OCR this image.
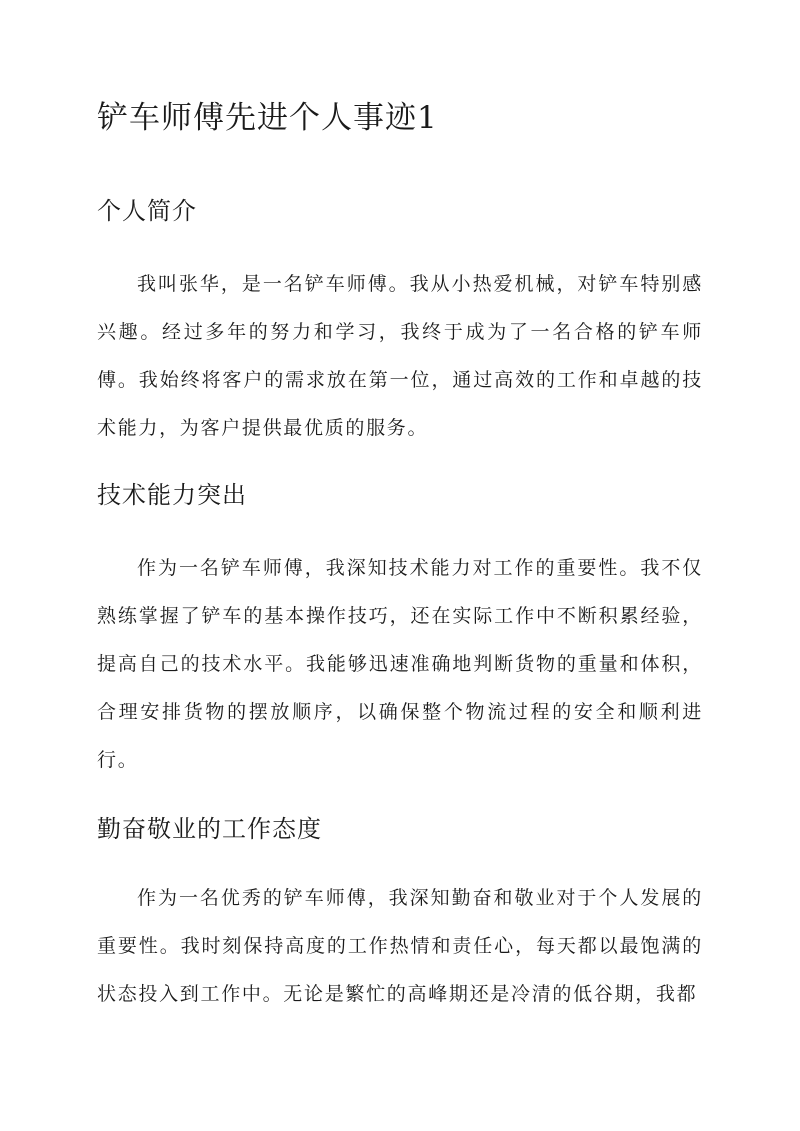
铲车师傅先进个人事迹1
个人简介

我叫张华，是一名铲车师傅。我从小热爱机械，对铲车特别感兴趣。经过多年的努力和学习，我终于成为了一名合格的铲车师傅。我始终将客户的需求放在第一位，通过高效的工作和卓越的技术能力，为客户提供最优质的服务。

技术能力突出

作为一名铲车师傅，我深知技术能力对工作的重要性。我不仅熟练掌握了铲车的基本操作技巧，还在实际工作中不断积累经验，提高自己的技术水平。我能够迅速准确地判断货物的重量和体积，合理安排货物的摆放顺序，以确保整个物流过程的安全和顺利进行。

勤奋敬业的工作态度

作为一名优秀的铲车师傅，我深知勤奋和敬业对于个人发展的重要性。我时刻保持高度的工作热情和责任心，每天都以最饱满的状态投入到工作中。无论是繁忙的高峰期还是冷清的低谷期，我都
